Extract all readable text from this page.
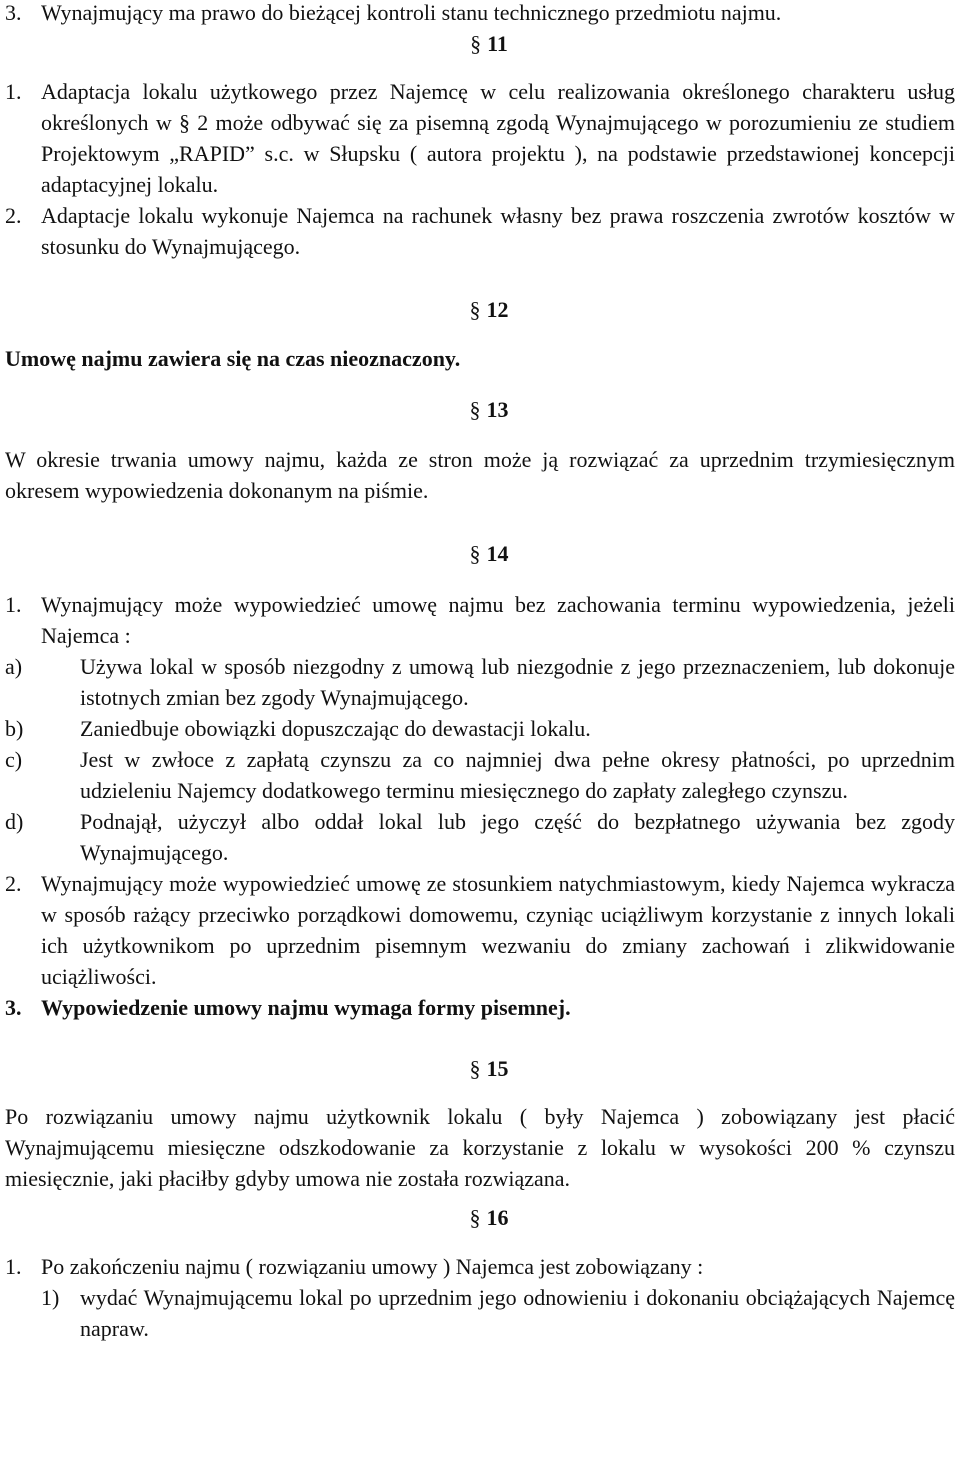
3. Wynajmujący ma prawo do bieżącej kontroli stanu technicznego przedmiotu najmu.
§ 11
1. Adaptacja lokalu użytkowego przez Najemcę w celu realizowania określonego charakteru usług określonych w § 2 może odbywać się za pisemną zgodą Wynajmującego w porozumieniu ze studiem Projektowym „RAPID” s.c. w Słupsku ( autora projektu ), na podstawie przedstawionej koncepcji adaptacyjnej lokalu.
2. Adaptacje lokalu wykonuje Najemca na rachunek własny bez prawa roszczenia zwrotów kosztów w stosunku do Wynajmującego.
§ 12
Umowę najmu zawiera się na czas nieoznaczony.
§ 13
W okresie trwania umowy najmu, każda ze stron może ją rozwiązać za uprzednim trzymiesięcznym okresem wypowiedzenia dokonanym na piśmie.
§ 14
1. Wynajmujący może wypowiedzieć umowę najmu bez zachowania terminu wypowiedzenia, jeżeli Najemca :
a)	Używa lokal w sposób niezgodny z umową lub niezgodnie z jego przeznaczeniem, lub dokonuje istotnych zmian bez zgody Wynajmującego.
b)	Zaniedbuje obowiązki dopuszczając do dewastacji lokalu.
c)	Jest w zwłoce z zapłatą czynszu za co najmniej dwa pełne okresy płatności, po uprzednim udzieleniu Najemcy dodatkowego terminu miesięcznego do zapłaty zaległego czynszu.
d)	Podnajął, użyczył albo oddał lokal lub jego część do bezpłatnego używania bez zgody Wynajmującego.
2. Wynajmujący może wypowiedzieć umowę ze stosunkiem natychmiastowym, kiedy Najemca wykracza w sposób rażący przeciwko porządkowi domowemu, czyniąc uciążliwym korzystanie z innych lokali ich użytkownikom po uprzednim pisemnym wezwaniu do zmiany zachowań i zlikwidowanie uciążliwości.
3. Wypowiedzenie umowy najmu wymaga formy pisemnej.
§ 15
Po rozwiązaniu umowy najmu użytkownik lokalu ( były Najemca ) zobowiązany jest płacić Wynajmującemu miesięczne odszkodowanie za korzystanie z lokalu w wysokości 200 % czynszu miesięcznie, jaki płaciłby gdyby umowa nie została rozwiązana.
§ 16
1. Po zakończeniu najmu ( rozwiązaniu umowy ) Najemca jest zobowiązany :
1) wydać Wynajmującemu lokal po uprzednim jego odnowieniu i dokonaniu obciążających Najemcę napraw.
